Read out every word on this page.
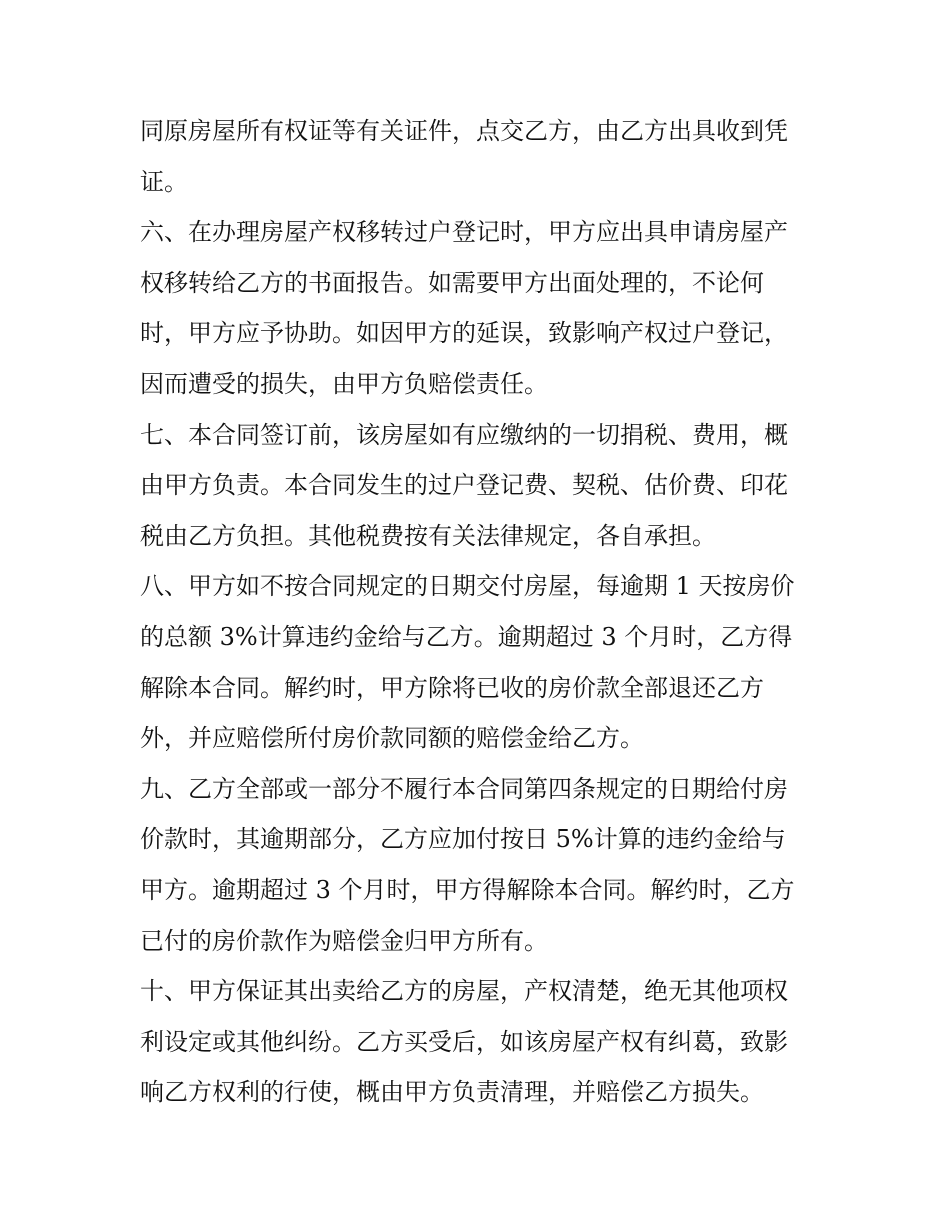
同原房屋所有权证等有关证件，点交乙方，由乙方出具收到凭
证。
六、在办理房屋产权移转过户登记时，甲方应出具申请房屋产
权移转给乙方的书面报告。如需要甲方出面处理的，不论何
时，甲方应予协助。如因甲方的延误，致影响产权过户登记，
因而遭受的损失，由甲方负赔偿责任。
七、本合同签订前，该房屋如有应缴纳的一切捐税、费用，概
由甲方负责。本合同发生的过户登记费、契税、估价费、印花
税由乙方负担。其他税费按有关法律规定，各自承担。
八、甲方如不按合同规定的日期交付房屋，每逾期 1 天按房价
的总额 3%计算违约金给与乙方。逾期超过 3 个月时，乙方得
解除本合同。解约时，甲方除将已收的房价款全部退还乙方
外，并应赔偿所付房价款同额的赔偿金给乙方。
九、乙方全部或一部分不履行本合同第四条规定的日期给付房
价款时，其逾期部分，乙方应加付按日 5%计算的违约金给与
甲方。逾期超过 3 个月时，甲方得解除本合同。解约时，乙方
已付的房价款作为赔偿金归甲方所有。
十、甲方保证其出卖给乙方的房屋，产权清楚，绝无其他项权
利设定或其他纠纷。乙方买受后，如该房屋产权有纠葛，致影
响乙方权利的行使，概由甲方负责清理，并赔偿乙方损失。
